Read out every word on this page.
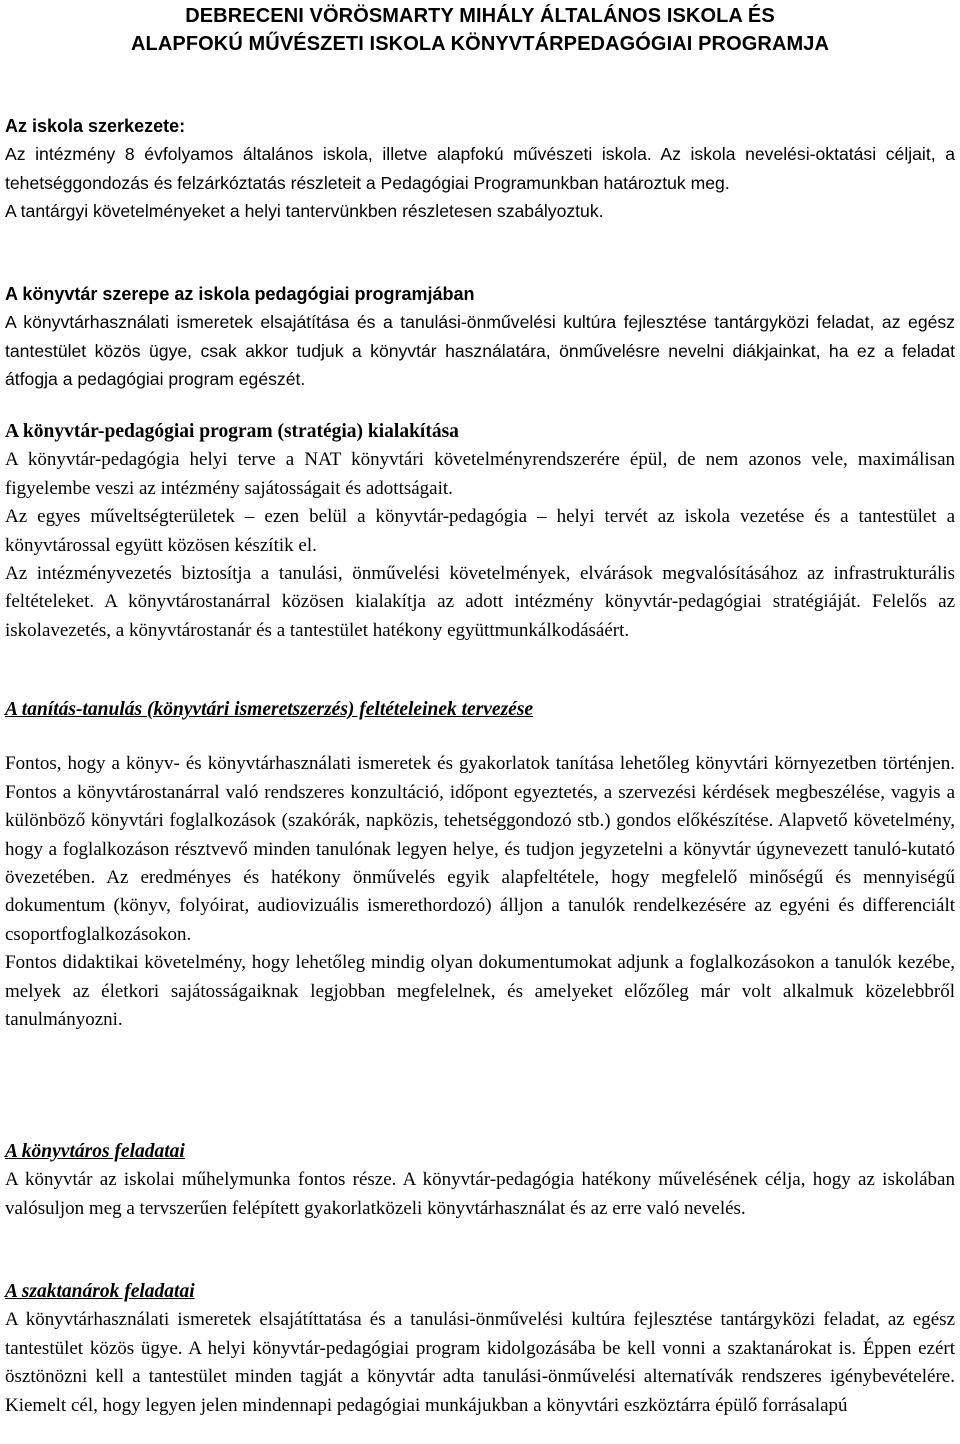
DEBRECENI VÖRÖSMARTY MIHÁLY ÁLTALÁNOS ISKOLA ÉS

ALAPFOKÚ MŰVÉSZETI ISKOLA KÖNYVTÁRPEDAGÓGIAI PROGRAMJA

Az iskola szerkezete:

Az intézmény 8 évfolyamos általános iskola, illetve alapfokú művészeti iskola. Az iskola nevelési-oktatási céljait, a tehetséggondozás és felzárkóztatás részleteit a Pedagógiai Programunkban határoztuk meg.

A tantárgyi követelményeket a helyi tantervünkben részletesen szabályoztuk.

A könyvtár szerepe az iskola pedagógiai programjában

A könyvtárhasználati ismeretek elsajátítása és a tanulási-önművelési kultúra fejlesztése tantárgyközi feladat, az egész tantestület közös ügye, csak akkor tudjuk a könyvtár használatára, önművelésre nevelni diákjainkat, ha ez a feladat átfogja a pedagógiai program egészét.

A könyvtár-pedagógiai program (stratégia) kialakítása

A könyvtár-pedagógia helyi terve a NAT könyvtári követelményrendszerére épül, de nem azonos vele, maximálisan figyelembe veszi az intézmény sajátosságait és adottságait.

Az egyes műveltségterületek – ezen belül a könyvtár-pedagógia – helyi tervét az iskola vezetése és a tantestület a könyvtárossal együtt közösen készítik el.

Az intézményvezetés biztosítja a tanulási, önművelési követelmények, elvárások megvalósításához az infrastrukturális feltételeket. A könyvtárostanárral közösen kialakítja az adott intézmény könyvtár-pedagógiai stratégiáját. Felelős az iskolavezetés, a könyvtárostanár és a tantestület hatékony együttmunkálkodásáért.

A tanítás-tanulás (könyvtári ismeretszerzés) feltételeinek tervezése

Fontos, hogy a könyv- és könyvtárhasználati ismeretek és gyakorlatok tanítása lehetőleg könyvtári környezetben történjen. Fontos a könyvtárostanárral való rendszeres konzultáció, időpont egyeztetés, a szervezési kérdések megbeszélése, vagyis a különböző könyvtári foglalkozások (szakórák, napközis, tehetséggondozó stb.) gondos előkészítése. Alapvető követelmény, hogy a foglalkozáson résztvevő minden tanulónak legyen helye, és tudjon jegyzetelni a könyvtár úgynevezett tanuló-kutató övezetében. Az eredményes és hatékony önművelés egyik alapfeltétele, hogy megfelelő minőségű és mennyiségű dokumentum (könyv, folyóirat, audiovizuális ismerethordozó) álljon a tanulók rendelkezésére az egyéni és differenciált csoportfoglalkozásokon.

Fontos didaktikai követelmény, hogy lehetőleg mindig olyan dokumentumokat adjunk a foglalkozásokon a tanulók kezébe, melyek az életkori sajátosságaiknak legjobban megfelelnek, és amelyeket előzőleg már volt alkalmuk közelebbről tanulmányozni.

A könyvtáros feladatai

A könyvtár az iskolai műhelymunka fontos része. A könyvtár-pedagógia hatékony művelésének célja, hogy az iskolában valósuljon meg a tervszerűen felépített gyakorlatközeli könyvtárhasználat és az erre való nevelés.

A szaktanárok feladatai

A könyvtárhasználati ismeretek elsajátíttatása és a tanulási-önművelési kultúra fejlesztése tantárgyközi feladat, az egész tantestület közös ügye. A helyi könyvtár-pedagógiai program kidolgozásába be kell vonni a szaktanárokat is. Éppen ezért ösztönözni kell a tantestület minden tagját a könyvtár adta tanulási-önművelési alternatívák rendszeres igénybevételére. Kiemelt cél, hogy legyen jelen mindennapi pedagógiai munkájukban a könyvtári eszköztárra épülő forrásalapú
